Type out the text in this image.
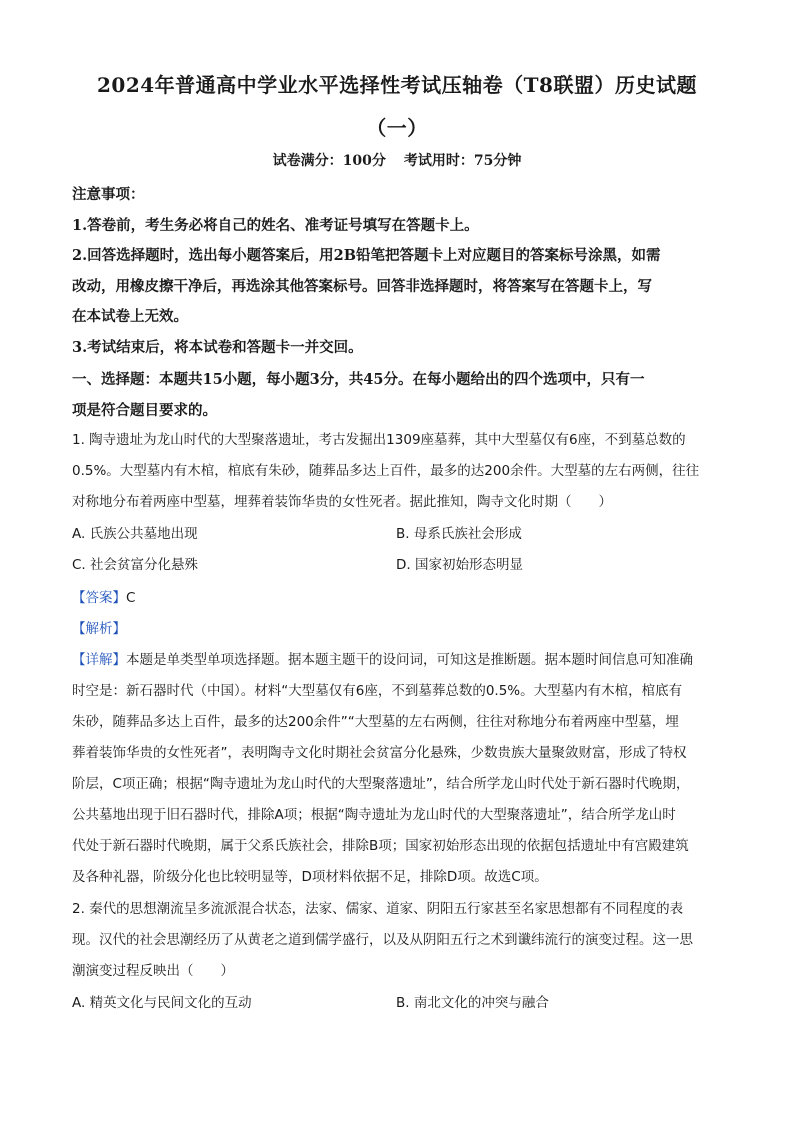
2024年普通高中学业水平选择性考试压轴卷（T8联盟）历史试题
（一）
试卷满分：100分 考试用时：75分钟

注意事项：

1.答卷前，考生务必将自己的姓名、准考证号填写在答题卡上。

2.回答选择题时，选出每小题答案后，用2B铅笔把答题卡上对应题目的答案标号涂黑，如需

改动，用橡皮擦干净后，再选涂其他答案标号。回答非选择题时，将答案写在答题卡上，写

在本试卷上无效。

3.考试结束后，将本试卷和答题卡一并交回。

一、选择题：本题共15小题，每小题3分，共45分。在每小题给出的四个选项中，只有一

项是符合题目要求的。

1. 陶寺遗址为龙山时代的大型聚落遗址，考古发掘出1309座墓葬，其中大型墓仅有6座，不到墓总数的

0.5%。大型墓内有木棺，棺底有朱砂，随葬品多达上百件，最多的达200余件。大型墓的左右两侧，往往

对称地分布着两座中型墓，埋葬着装饰华贵的女性死者。据此推知，陶寺文化时期（　　）

A. 氏族公共墓地出现	B. 母系氏族社会形成
C. 社会贫富分化悬殊	D. 国家初始形态明显
【答案】C
【解析】

【详解】本题是单类型单项选择题。据本题主题干的设问词，可知这是推断题。据本题时间信息可知准确

时空是：新石器时代（中国）。材料“大型墓仅有6座，不到墓葬总数的0.5%。大型墓内有木棺，棺底有

朱砂，随葬品多达上百件，最多的达200余件”“大型墓的左右两侧，往往对称地分布着两座中型墓，埋

葬着装饰华贵的女性死者”，表明陶寺文化时期社会贫富分化悬殊，少数贵族大量聚敛财富，形成了特权

阶层，C项正确；根据“陶寺遗址为龙山时代的大型聚落遗址”，结合所学龙山时代处于新石器时代晚期，

公共墓地出现于旧石器时代，排除A项；根据“陶寺遗址为龙山时代的大型聚落遗址”，结合所学龙山时

代处于新石器时代晚期，属于父系氏族社会，排除B项；国家初始形态出现的依据包括遗址中有宫殿建筑

及各种礼器，阶级分化也比较明显等，D项材料依据不足，排除D项。故选C项。

2. 秦代的思想潮流呈多流派混合状态，法家、儒家、道家、阴阳五行家甚至名家思想都有不同程度的表

现。汉代的社会思潮经历了从黄老之道到儒学盛行，以及从阴阳五行之术到谶纬流行的演变过程。这一思

潮演变过程反映出（　　）

A. 精英文化与民间文化的互动	B. 南北文化的冲突与融合
